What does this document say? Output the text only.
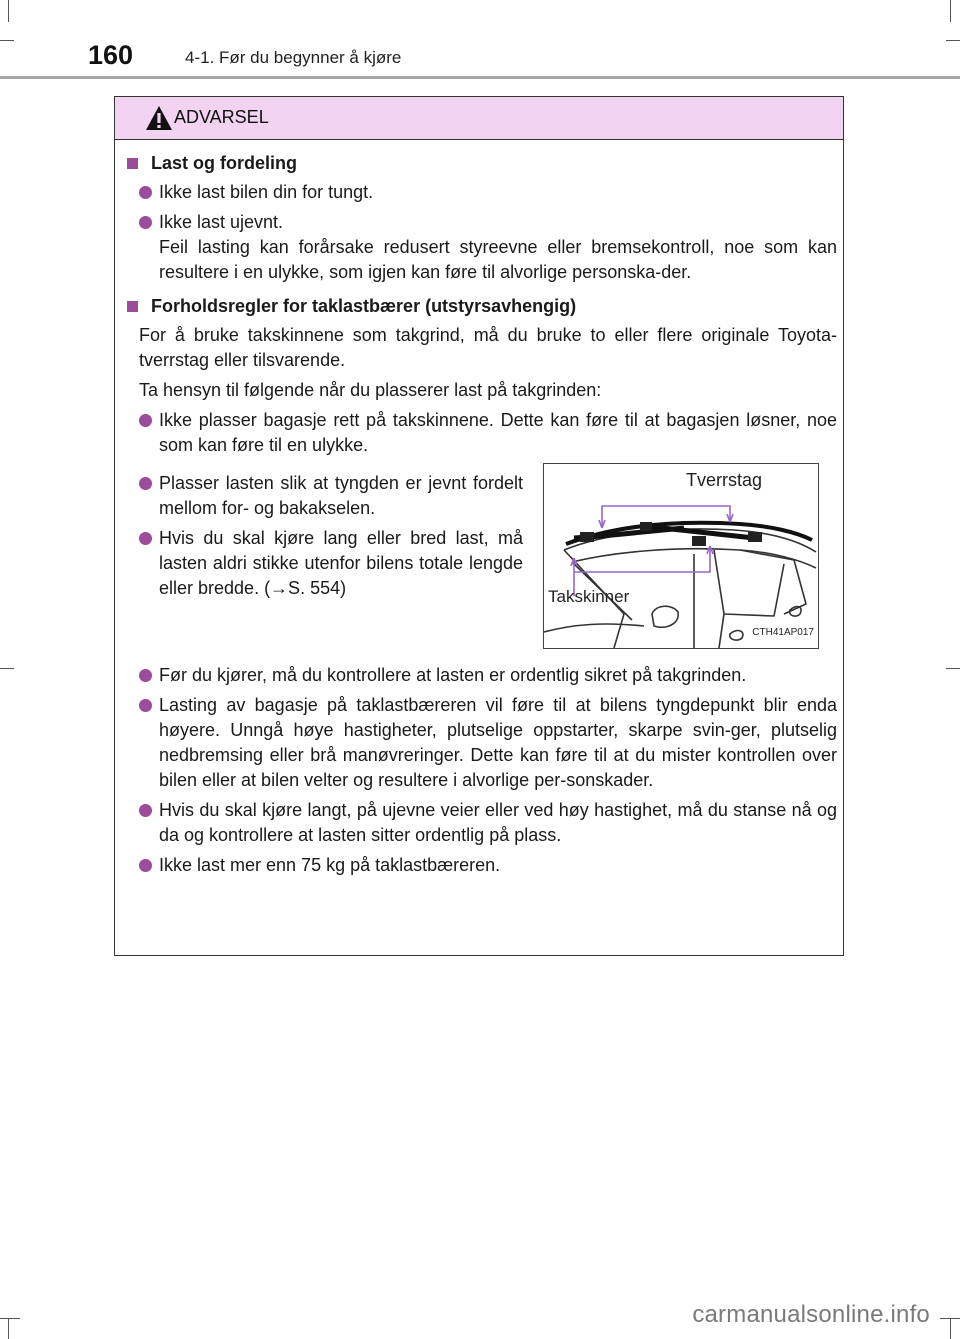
160	4-1. Før du begynner å kjøre
ADVARSEL
Last og fordeling

Ikke last bilen din for tungt.

Ikke last ujevnt.

Feil lasting kan forårsake redusert styreevne eller bremsekontroll, noe som kan resultere i en ulykke, som igjen kan føre til alvorlige personska-der.

Forholdsregler for taklastbærer (utstyrsavhengig)
For å bruke takskinnene som takgrind, må du bruke to eller flere originale Toyota-tverrstag eller tilsvarende.
Ta hensyn til følgende når du plasserer last på takgrinden:

Ikke plasser bagasje rett på takskinnene. Dette kan føre til at bagasjen løsner, noe som kan føre til en ulykke.

Plasser lasten slik at tyngden er jevnt fordelt mellom for- og bakakselen.

Hvis du skal kjøre lang eller bred last, må lasten aldri stikke utenfor bilens totale lengde eller bredde. (→S. 554)

Tverrstag
Takskinner
CTH41AP017

Før du kjører, må du kontrollere at lasten er ordentlig sikret på takgrinden.

Lasting av bagasje på taklastbæreren vil føre til at bilens tyngdepunkt blir enda høyere. Unngå høye hastigheter, plutselige oppstarter, skarpe svin-ger, plutselig nedbremsing eller brå manøvreringer. Dette kan føre til at du mister kontrollen over bilen eller at bilen velter og resultere i alvorlige per-sonskader.

Hvis du skal kjøre langt, på ujevne veier eller ved høy hastighet, må du stanse nå og da og kontrollere at lasten sitter ordentlig på plass.

Ikke last mer enn 75 kg på taklastbæreren.

carmanualsonline.info
